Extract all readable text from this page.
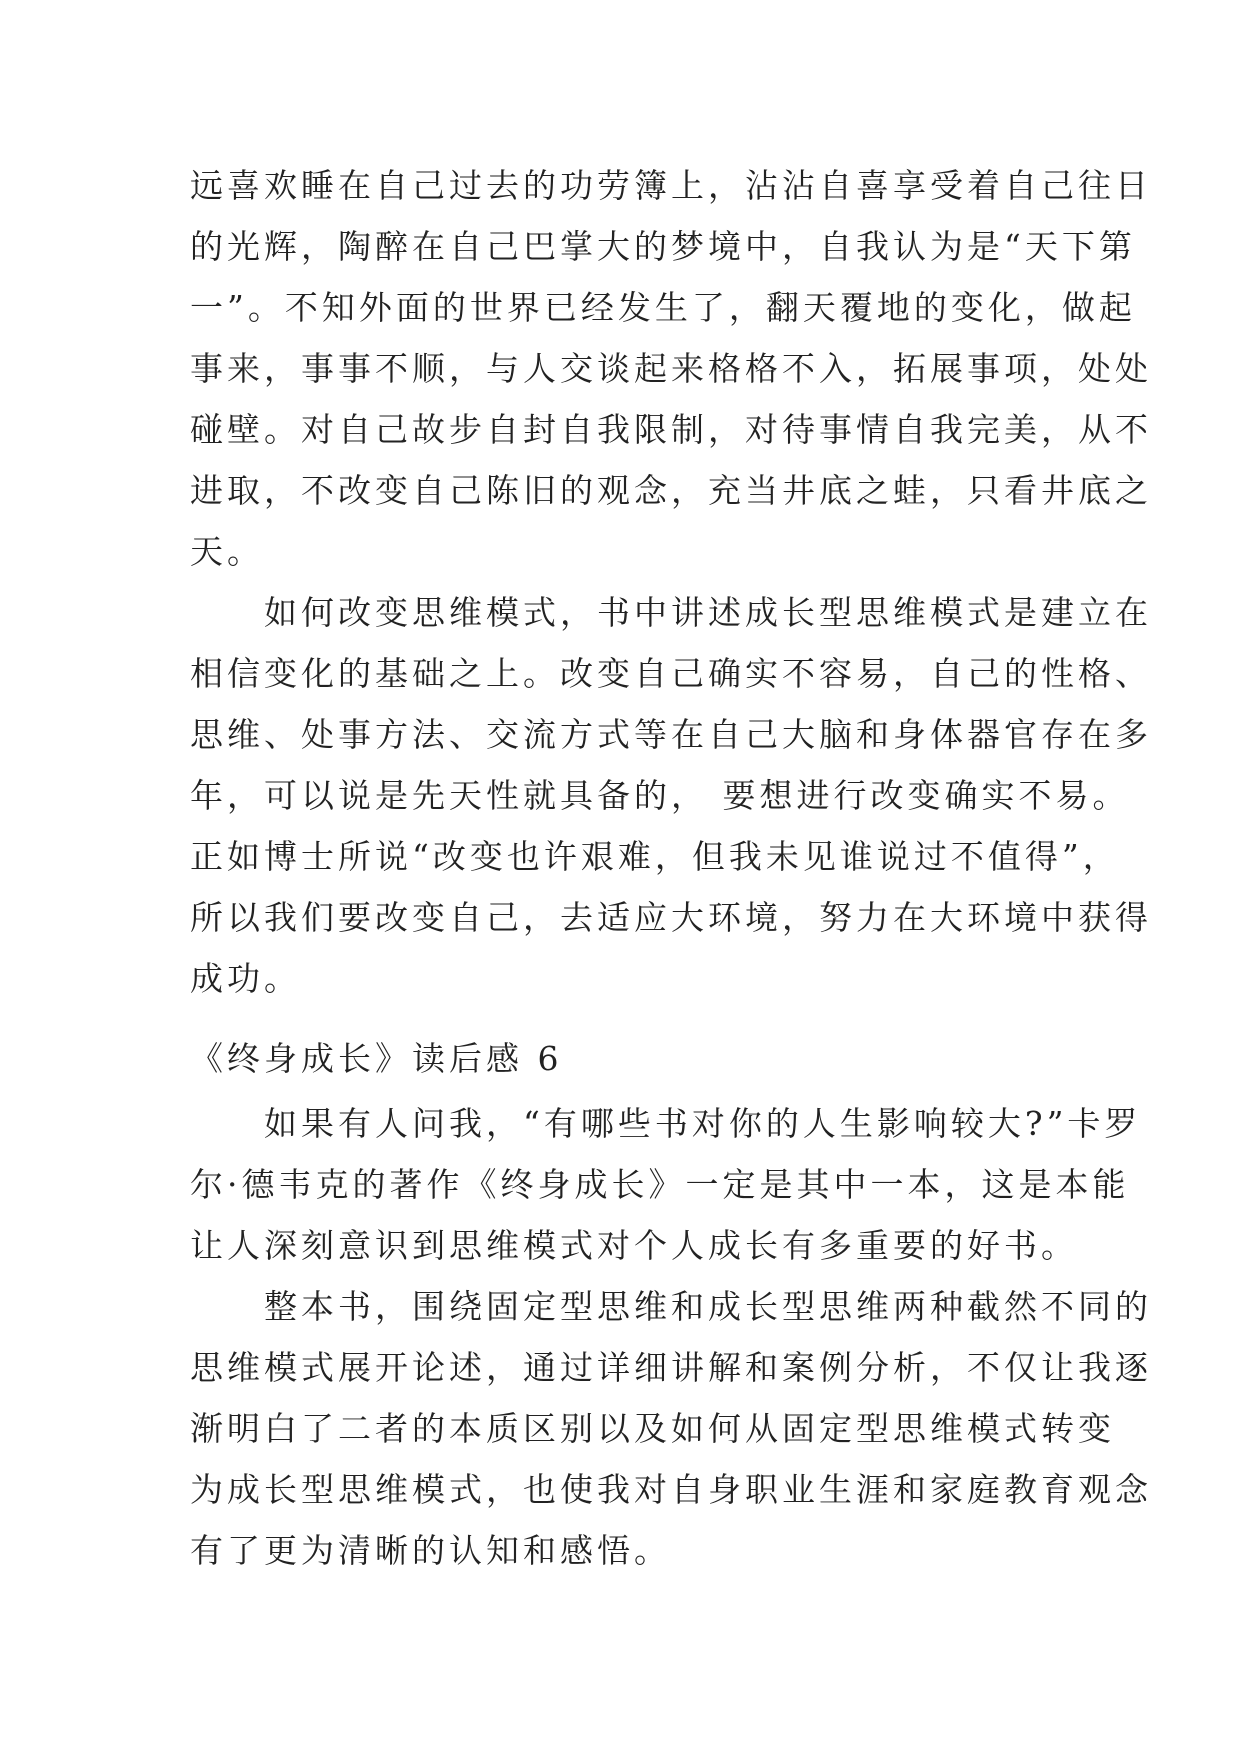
远喜欢睡在自己过去的功劳簿上，沾沾自喜享受着自己往日
的光辉，陶醉在自己巴掌大的梦境中，自我认为是“天下第
一”。不知外面的世界已经发生了，翻天覆地的变化，做起
事来，事事不顺，与人交谈起来格格不入，拓展事项，处处
碰壁。对自己故步自封自我限制，对待事情自我完美，从不
进取，不改变自己陈旧的观念，充当井底之蛙，只看井底之
天。
　　如何改变思维模式，书中讲述成长型思维模式是建立在
相信变化的基础之上。改变自己确实不容易，自己的性格、
思维、处事方法、交流方式等在自己大脑和身体器官存在多
年，可以说是先天性就具备的， 要想进行改变确实不易。
正如博士所说“改变也许艰难，但我未见谁说过不值得”，
所以我们要改变自己，去适应大环境，努力在大环境中获得
成功。
《终身成长》读后感 6
　　如果有人问我，“有哪些书对你的人生影响较大?”卡罗
尔·德韦克的著作《终身成长》一定是其中一本，这是本能
让人深刻意识到思维模式对个人成长有多重要的好书。
　　整本书，围绕固定型思维和成长型思维两种截然不同的
思维模式展开论述，通过详细讲解和案例分析，不仅让我逐
渐明白了二者的本质区别以及如何从固定型思维模式转变
为成长型思维模式，也使我对自身职业生涯和家庭教育观念
有了更为清晰的认知和感悟。
